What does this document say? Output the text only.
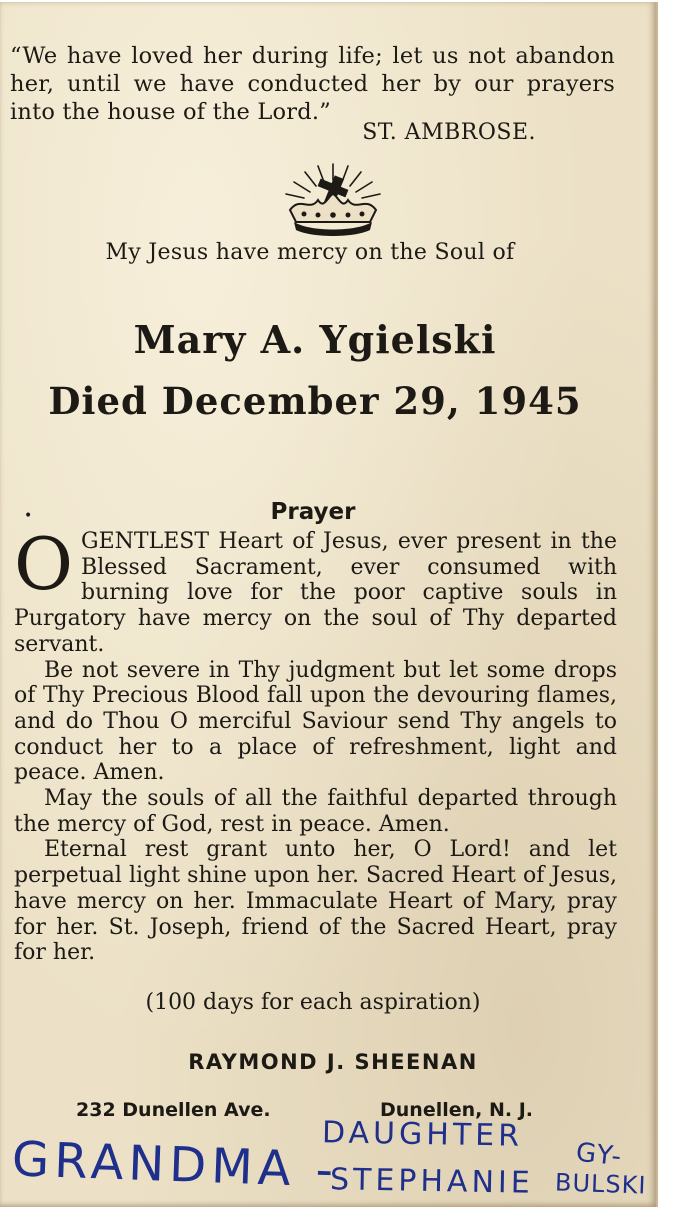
“We have loved her during life; let us not abandon her, until we have conducted her by our prayers into the house of the Lord.”
ST. AMBROSE.
My Jesus have mercy on the Soul of
Mary A. Ygielski
Died December 29, 1945
•	Prayer

OGENTLEST Heart of Jesus, ever present in the Blessed Sacrament, ever consumed with burning love for the poor captive souls in Purgatory have mercy on the soul of Thy departed servant.

Be not severe in Thy judgment but let some drops of Thy Precious Blood fall upon the devouring flames, and do Thou O merciful Saviour send Thy angels to conduct her to a place of refreshment, light and peace. Amen.

May the souls of all the faithful departed through the mercy of God, rest in peace. Amen.

Eternal rest grant unto her, O Lord! and let perpetual light shine upon her. Sacred Heart of Jesus, have mercy on her. Immaculate Heart of Mary, pray for her. St. Joseph, friend of the Sacred Heart, pray for her.

(100 days for each aspiration)
RAYMOND J. SHEENAN
232 Dunellen Ave.	Dunellen, N. J.
GRANDMA -
DAUGHTER
STEPHANIE
GY-
BULSKI
